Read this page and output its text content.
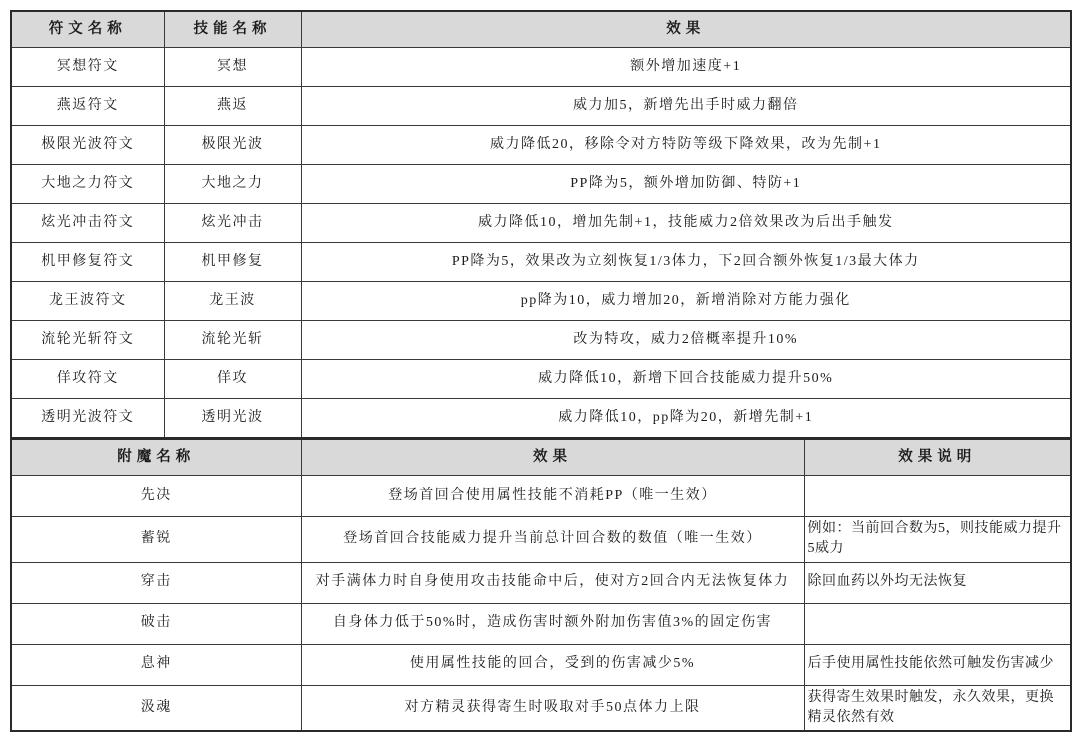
符文名称	技能名称	效果
冥想符文	冥想	额外增加速度+1
燕返符文	燕返	威力加5，新增先出手时威力翻倍
极限光波符文	极限光波	威力降低20，移除令对方特防等级下降效果，改为先制+1
大地之力符文	大地之力	PP降为5，额外增加防御、特防+1
炫光冲击符文	炫光冲击	威力降低10，增加先制+1，技能威力2倍效果改为后出手触发
机甲修复符文	机甲修复	PP降为5，效果改为立刻恢复1/3体力，下2回合额外恢复1/3最大体力
龙王波符文	龙王波	pp降为10，威力增加20，新增消除对方能力强化
流轮光斩符文	流轮光斩	改为特攻，威力2倍概率提升10%
佯攻符文	佯攻	威力降低10，新增下回合技能威力提升50%
透明光波符文	透明光波	威力降低10，pp降为20，新增先制+1
附魔名称	效果	效果说明
先决	登场首回合使用属性技能不消耗PP（唯一生效）	
蓄锐	登场首回合技能威力提升当前总计回合数的数值（唯一生效）	例如：当前回合数为5，则技能威力提升5威力
穿击	对手满体力时自身使用攻击技能命中后，使对方2回合内无法恢复体力	除回血药以外均无法恢复
破击	自身体力低于50%时，造成伤害时额外附加伤害值3%的固定伤害	
息神	使用属性技能的回合，受到的伤害减少5%	后手使用属性技能依然可触发伤害减少
汲魂	对方精灵获得寄生时吸取对手50点体力上限	获得寄生效果时触发，永久效果，更换精灵依然有效
